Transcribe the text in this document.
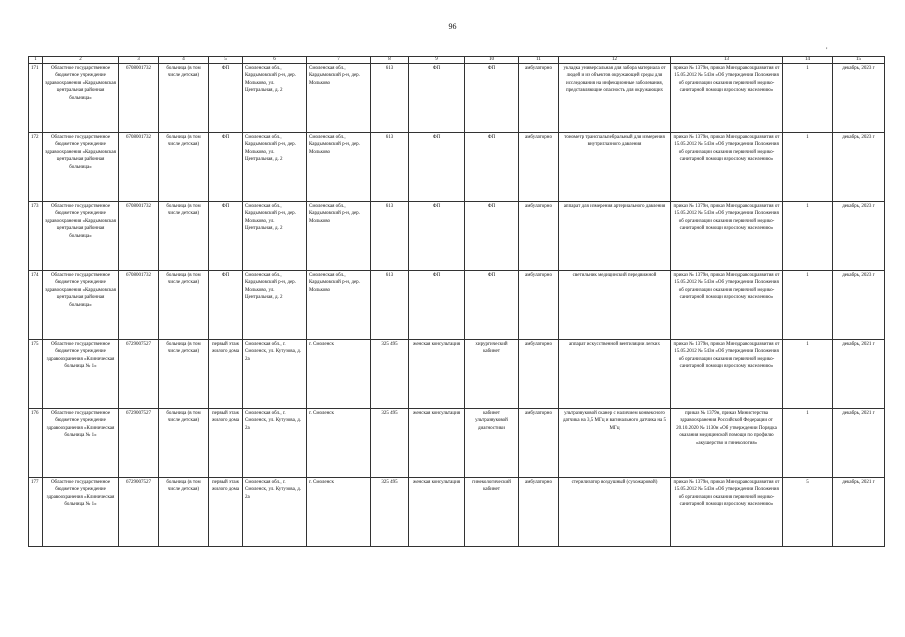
96
,
1	2	3	4	5	6	7	8	9	10	11	12	13	14	15
171	Областное государственное бюджетное учреждение здравоохранения «Кардымовская центральная районная больница»	6708001732	больница (в том числе детская)	ФП	Смоленская обл., Кардымовский р-н, дер. Мольково, ул. Центральная, д. 2	Смоленская обл., Кардымовский р-н, дер. Мольково	613	ФП	ФП	амбулаторно	укладка универсальная для забора материала от людей и из объектов окружающей среды для исследования на инфекционные заболевания, представляющие опасность для окружающих	приказ № 1379н, приказ Минздравсоцразвития от 15.05.2012 № 543н «Об утверждении Положения об организации оказания первичной медико-санитарной помощи взрослому населению»	1	декабрь, 2023 г
172	Областное государственное бюджетное учреждение здравоохранения «Кардымовская центральная районная больница»	6708001732	больница (в том числе детская)	ФП	Смоленская обл., Кардымовский р-н, дер. Мольково, ул. Центральная, д. 2	Смоленская обл., Кардымовский р-н, дер. Мольково	613	ФП	ФП	амбулаторно	тонометр транспальпебральный для измерения внутриглазного давления	приказ № 1379н, приказ Минздравсоцразвития от 15.05.2012 № 543н «Об утверждении Положения об организации оказания первичной медико-санитарной помощи взрослому населению»	1	декабрь, 2023 г
173	Областное государственное бюджетное учреждение здравоохранения «Кардымовская центральная районная больница»	6708001732	больница (в том числе детская)	ФП	Смоленская обл., Кардымовский р-н, дер. Мольково, ул. Центральная, д. 2	Смоленская обл., Кардымовский р-н, дер. Мольково	613	ФП	ФП	амбулаторно	аппарат для измерения артериального давления	приказ № 1379н, приказ Минздравсоцразвития от 15.05.2012 № 543н «Об утверждении Положения об организации оказания первичной медико-санитарной помощи взрослому населению»	1	декабрь, 2023 г
174	Областное государственное бюджетное учреждение здравоохранения «Кардымовская центральная районная больница»	6708001732	больница (в том числе детская)	ФП	Смоленская обл., Кардымовский р-н, дер. Мольково, ул. Центральная, д. 2	Смоленская обл., Кардымовский р-н, дер. Мольково	613	ФП	ФП	амбулаторно	светильник медицинский передвижной	приказ № 1379н, приказ Минздравсоцразвития от 15.05.2012 № 543н «Об утверждении Положения об организации оказания первичной медико-санитарной помощи взрослому населению»	1	декабрь, 2023 г
175	Областное государственное бюджетное учреждение здравоохранения «Клиническая больница № 1»	6729007527	больница (в том числе детская)	первый этаж жилого дома	Смоленская обл., г. Смоленск, ул. Кутузова, д. 2а	г. Смоленск	325 495	женская консультация	хирургический кабинет	амбулаторно	аппарат искусственной вентиляции легких	приказ № 1379н, приказ Минздравсоцразвития от 15.05.2012 № 543н «Об утверждении Положения об организации оказания первичной медико-санитарной помощи взрослому населению»	1	декабрь, 2021 г
176	Областное государственное бюджетное учреждение здравоохранения «Клиническая больница № 1»	6729007527	больница (в том числе детская)	первый этаж жилого дома	Смоленская обл., г. Смоленск, ул. Кутузова, д. 2а	г. Смоленск	325 495	женская консультация	кабинет ультразвуковой диагностики	амбулаторно	ультразвуковой сканер с наличием конвексного датчика на 3,5 МГц и вагинального датчика на 5 МГц	приказ № 1379н, приказ Министерства здравоохранения Российской Федерации от 20.10.2020 № 1130н «Об утверждении Порядка оказания медицинской помощи по профилю «акушерство и гинекология»	1	декабрь, 2021 г
177	Областное государственное бюджетное учреждение здравоохранения «Клиническая больница № 1»	6729007527	больница (в том числе детская)	первый этаж жилого дома	Смоленская обл., г. Смоленск, ул. Кутузова, д. 2а	г. Смоленск	325 495	женская консультация	гинекологический кабинет	амбулаторно	стерилизатор воздушный (сухожаровой)	приказ № 1379н, приказ Минздравсоцразвития от 15.05.2012 № 543н «Об утверждении Положения об организации оказания первичной медико-санитарной помощи взрослому населению»	5	декабрь, 2021 г
